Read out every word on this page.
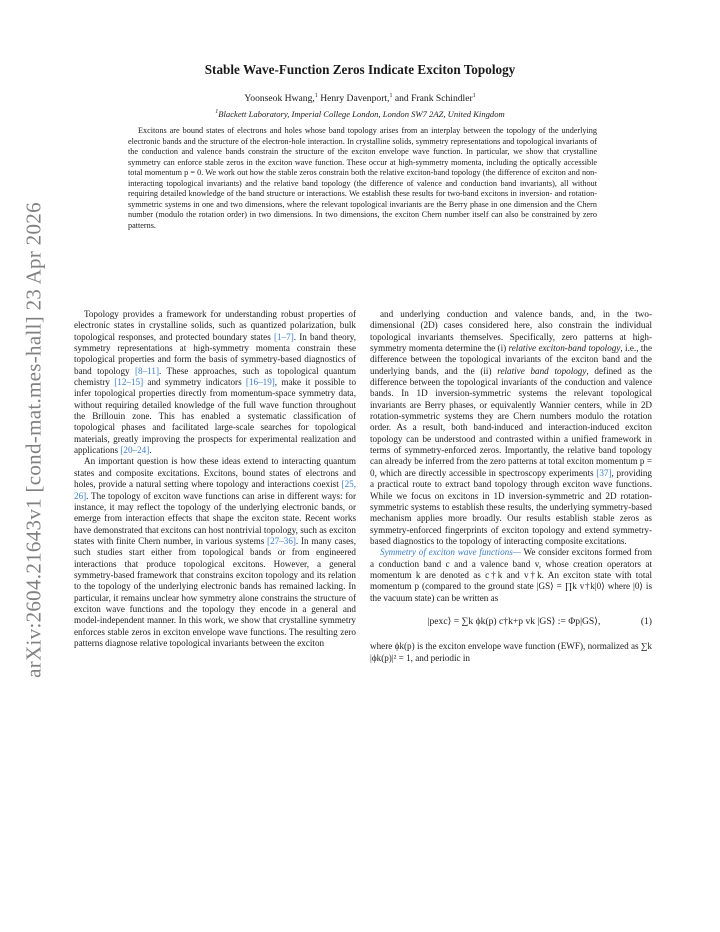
arXiv:2604.21643v1 [cond-mat.mes-hall] 23 Apr 2026
Stable Wave-Function Zeros Indicate Exciton Topology
Yoonseok Hwang,$^1$ Henry Davenport,$^1$ and Frank Schindler$^1$
$^1$Blackett Laboratory, Imperial College London, London SW7 2AZ, United Kingdom

Excitons are bound states of electrons and holes whose band topology arises from an interplay between the topology of the underlying electronic bands and the structure of the electron-hole interaction. In crystalline solids, symmetry representations and topological invariants of the conduction and valence bands constrain the structure of the exciton envelope wave function. In particular, we show that crystalline symmetry can enforce stable zeros in the exciton wave function. These occur at high-symmetry momenta, including the optically accessible total momentum p = 0. We work out how the stable zeros constrain both the relative exciton-band topology (the difference of exciton and non-interacting topological invariants) and the relative band topology (the difference of valence and conduction band invariants), all without requiring detailed knowledge of the band structure or interactions. We establish these results for two-band excitons in inversion- and rotation-symmetric systems in one and two dimensions, where the relevant topological invariants are the Berry phase in one dimension and the Chern number (modulo the rotation order) in two dimensions. In two dimensions, the exciton Chern number itself can also be constrained by zero patterns.

Topology provides a framework for understanding robust properties of electronic states in crystalline solids, such as quantized polarization, bulk topological responses, and protected boundary states [1–7]. In band theory, symmetry representations at high-symmetry momenta constrain these topological properties and form the basis of symmetry-based diagnostics of band topology [8–11]. These approaches, such as topological quantum chemistry [12–15] and symmetry indicators [16–19], make it possible to infer topological properties directly from momentum-space symmetry data, without requiring detailed knowledge of the full wave function throughout the Brillouin zone. This has enabled a systematic classification of topological phases and facilitated large-scale searches for topological materials, greatly improving the prospects for experimental realization and applications [20–24].

An important question is how these ideas extend to interacting quantum states and composite excitations. Excitons, bound states of electrons and holes, provide a natural setting where topology and interactions coexist [25, 26]. The topology of exciton wave functions can arise in different ways: for instance, it may reflect the topology of the underlying electronic bands, or emerge from interaction effects that shape the exciton state. Recent works have demonstrated that excitons can host nontrivial topology, such as exciton states with finite Chern number, in various systems [27–36]. In many cases, such studies start either from topological bands or from engineered interactions that produce topological excitons. However, a general symmetry-based framework that constrains exciton topology and its relation to the topology of the underlying electronic bands has remained lacking. In particular, it remains unclear how symmetry alone constrains the structure of exciton wave functions and the topology they encode in a general and model-independent manner. In this work, we show that crystalline symmetry enforces stable zeros in exciton envelope wave functions. The resulting zero patterns diagnose relative topological invariants between the exciton

and underlying conduction and valence bands, and, in the two-dimensional (2D) cases considered here, also constrain the individual topological invariants themselves. Specifically, zero patterns at high-symmetry momenta determine the (i) relative exciton-band topology, i.e., the difference between the topological invariants of the exciton band and the underlying bands, and the (ii) relative band topology, defined as the difference between the topological invariants of the conduction and valence bands. In 1D inversion-symmetric systems the relevant topological invariants are Berry phases, or equivalently Wannier centers, while in 2D rotation-symmetric systems they are Chern numbers modulo the rotation order. As a result, both band-induced and interaction-induced exciton topology can be understood and contrasted within a unified framework in terms of symmetry-enforced zeros. Importantly, the relative band topology can already be inferred from the zero patterns at total exciton momentum p = 0, which are directly accessible in spectroscopy experiments [37], providing a practical route to extract band topology through exciton wave functions. While we focus on excitons in 1D inversion-symmetric and 2D rotation-symmetric systems to establish these results, the underlying symmetry-based mechanism applies more broadly. Our results establish stable zeros as symmetry-enforced fingerprints of exciton topology and extend symmetry-based diagnostics to the topology of interacting composite excitations.

Symmetry of exciton wave functions— We consider excitons formed from a conduction band c and a valence band v, whose creation operators at momentum k are denoted as c†k and v†k. An exciton state with total momentum p (compared to the ground state |GS⟩ = ∏k v†k|0⟩ where |0⟩ is the vacuum state) can be written as

|pexc⟩ = ∑k ϕk(p) c†k+p vk |GS⟩ := Φp|GS⟩,	(1)

where ϕk(p) is the exciton envelope wave function (EWF), normalized as ∑k |ϕk(p)|² = 1, and periodic in
